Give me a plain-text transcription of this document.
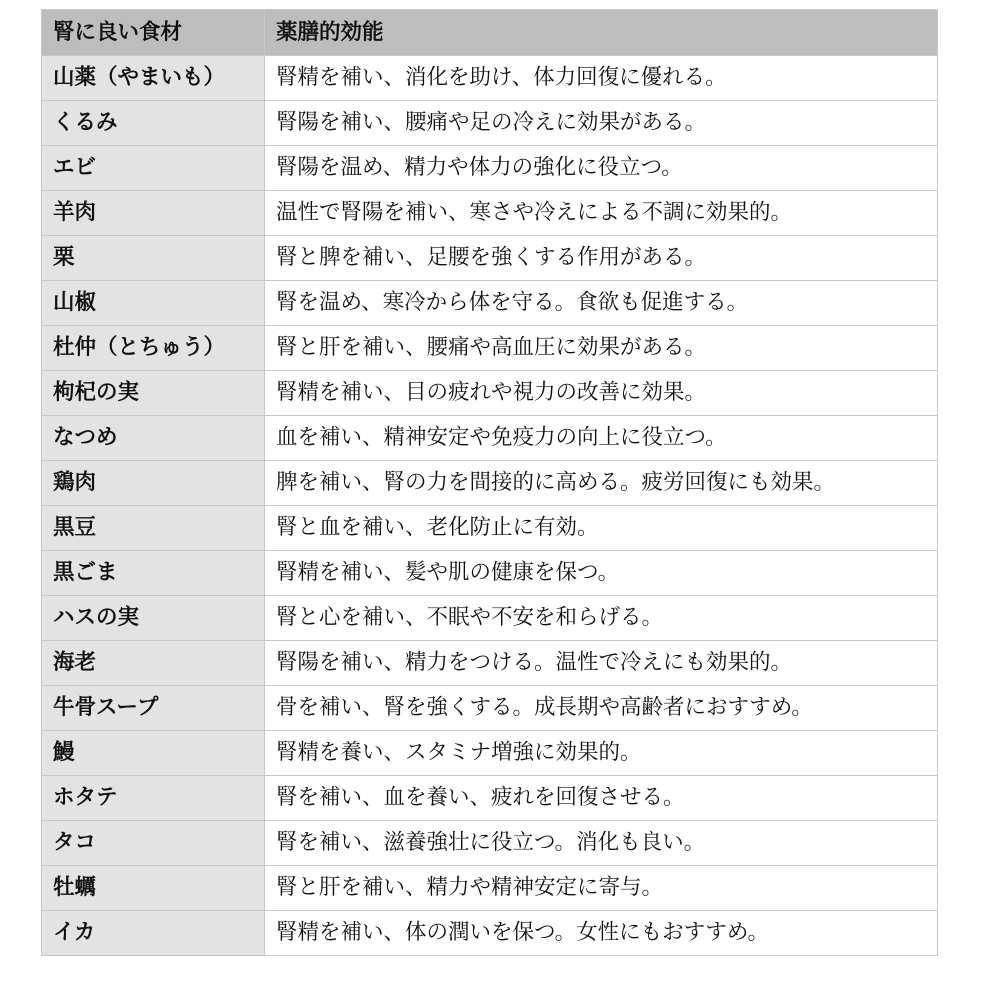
腎に良い食材	薬膳的効能
山薬（やまいも）	腎精を補い、消化を助け、体力回復に優れる。
くるみ	腎陽を補い、腰痛や足の冷えに効果がある。
エビ	腎陽を温め、精力や体力の強化に役立つ。
羊肉	温性で腎陽を補い、寒さや冷えによる不調に効果的。
栗	腎と脾を補い、足腰を強くする作用がある。
山椒	腎を温め、寒冷から体を守る。食欲も促進する。
杜仲（とちゅう）	腎と肝を補い、腰痛や高血圧に効果がある。
枸杞の実	腎精を補い、目の疲れや視力の改善に効果。
なつめ	血を補い、精神安定や免疫力の向上に役立つ。
鶏肉	脾を補い、腎の力を間接的に高める。疲労回復にも効果。
黒豆	腎と血を補い、老化防止に有効。
黒ごま	腎精を補い、髪や肌の健康を保つ。
ハスの実	腎と心を補い、不眠や不安を和らげる。
海老	腎陽を補い、精力をつける。温性で冷えにも効果的。
牛骨スープ	骨を補い、腎を強くする。成長期や高齢者におすすめ。
鰻	腎精を養い、スタミナ増強に効果的。
ホタテ	腎を補い、血を養い、疲れを回復させる。
タコ	腎を補い、滋養強壮に役立つ。消化も良い。
牡蠣	腎と肝を補い、精力や精神安定に寄与。
イカ	腎精を補い、体の潤いを保つ。女性にもおすすめ。
